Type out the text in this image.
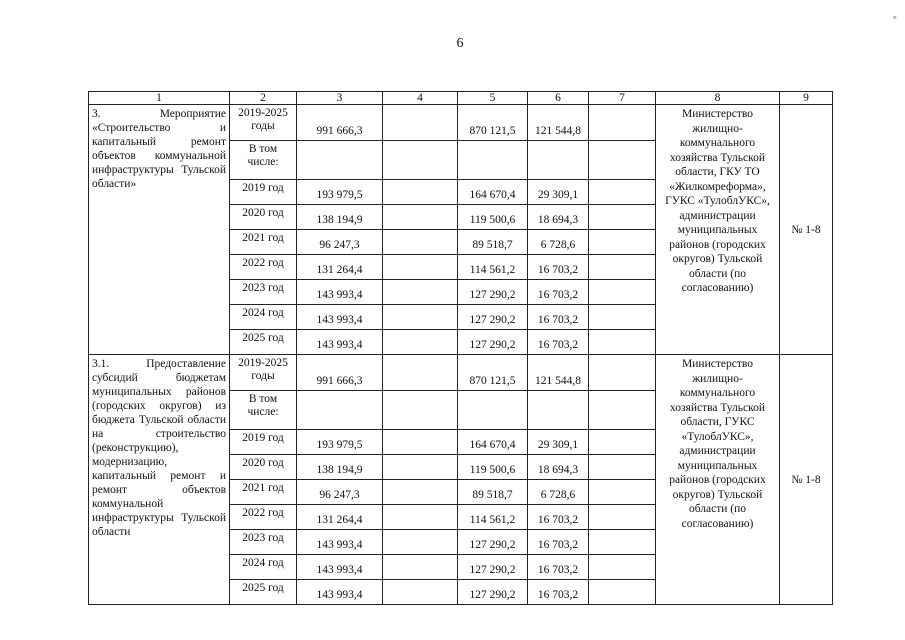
6
1	2	3	4	5	6	7	8	9
3. Мероприятие «Строительство и капитальный ремонт объектов коммунальной инфраструктуры Тульской области»	2019-2025 годы	991 666,3		870 121,5	121 544,8		Министерство жилищно-коммунального хозяйства Тульской области, ГКУ ТО «Жилкомреформа», ГУКС «ТулоблУКС», администрации муниципальных районов (городских округов) Тульской области (по согласованию)	№ 1-8
	В том числе:							
	2019 год	193 979,5		164 670,4	29 309,1			
	2020 год	138 194,9		119 500,6	18 694,3			
	2021 год	96 247,3		89 518,7	6 728,6			
	2022 год	131 264,4		114 561,2	16 703,2			
	2023 год	143 993,4		127 290,2	16 703,2			
	2024 год	143 993,4		127 290,2	16 703,2			
	2025 год	143 993,4		127 290,2	16 703,2			
3.1. Предоставление субсидий бюджетам муниципальных районов (городских округов) из бюджета Тульской области на строительство (реконструкцию), модернизацию, капитальный ремонт и ремонт объектов коммунальной инфраструктуры Тульской области	2019-2025 годы	991 666,3		870 121,5	121 544,8		Министерство жилищно-коммунального хозяйства Тульской области, ГУКС «ТулоблУКС», администрации муниципальных районов (городских округов) Тульской области (по согласованию)	№ 1-8
	В том числе:							
	2019 год	193 979,5		164 670,4	29 309,1			
	2020 год	138 194,9		119 500,6	18 694,3			
	2021 год	96 247,3		89 518,7	6 728,6			
	2022 год	131 264,4		114 561,2	16 703,2			
	2023 год	143 993,4		127 290,2	16 703,2			
	2024 год	143 993,4		127 290,2	16 703,2			
	2025 год	143 993,4		127 290,2	16 703,2			
▪
